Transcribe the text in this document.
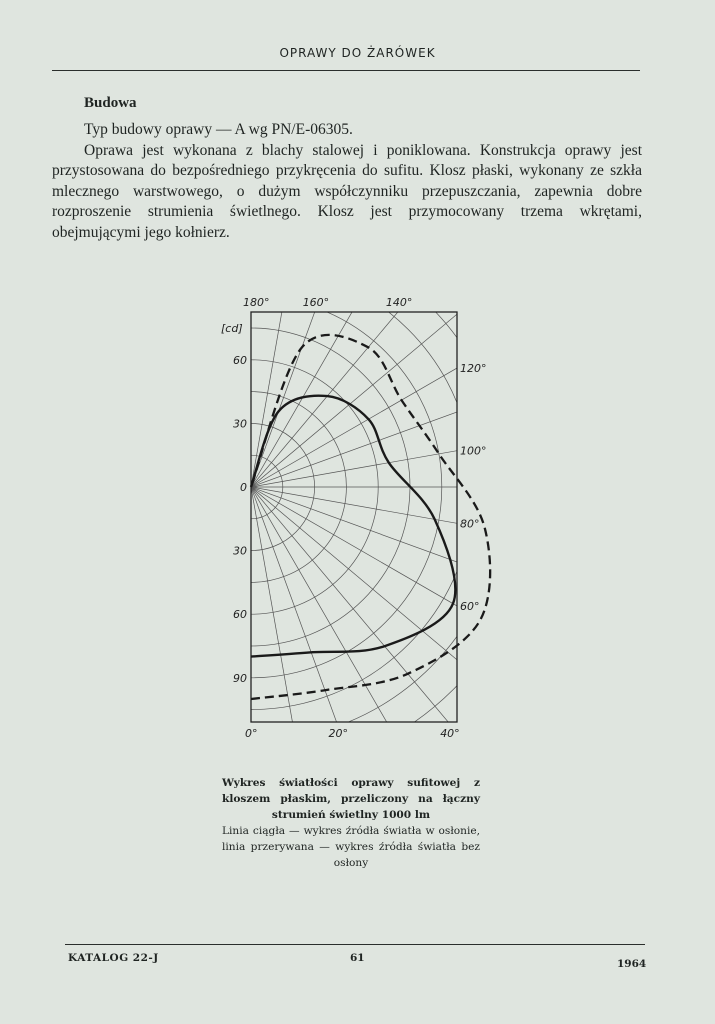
OPRAWY DO ŻARÓWEK
Budowa

Typ budowy oprawy — A wg PN/E-06305.

Oprawa jest wykonana z blachy stalowej i poniklowana. Konstrukcja oprawy jest przystosowana do bezpośredniego przykręcenia do sufitu. Klosz płaski, wykonany ze szkła mlecznego warstwowego, o dużym współczynniku przepuszczania, zapewnia dobre rozproszenie strumienia świetlnego. Klosz jest przymocowany trzema wkrętami, obejmującymi jego kołnierz.

30
60
0
30
60
90
[cd]
0°	20°	40°
60°
80°
100°
120°
140°
160°
180°
Wykres światłości oprawy sufitowej z kloszem płaskim, przeliczony na łączny strumień świetlny 1000 lm
Linia ciągła — wykres źródła światła w osłonie, linia przerywana — wykres źródła światła bez osłony
KATALOG 22-J	61	1964
